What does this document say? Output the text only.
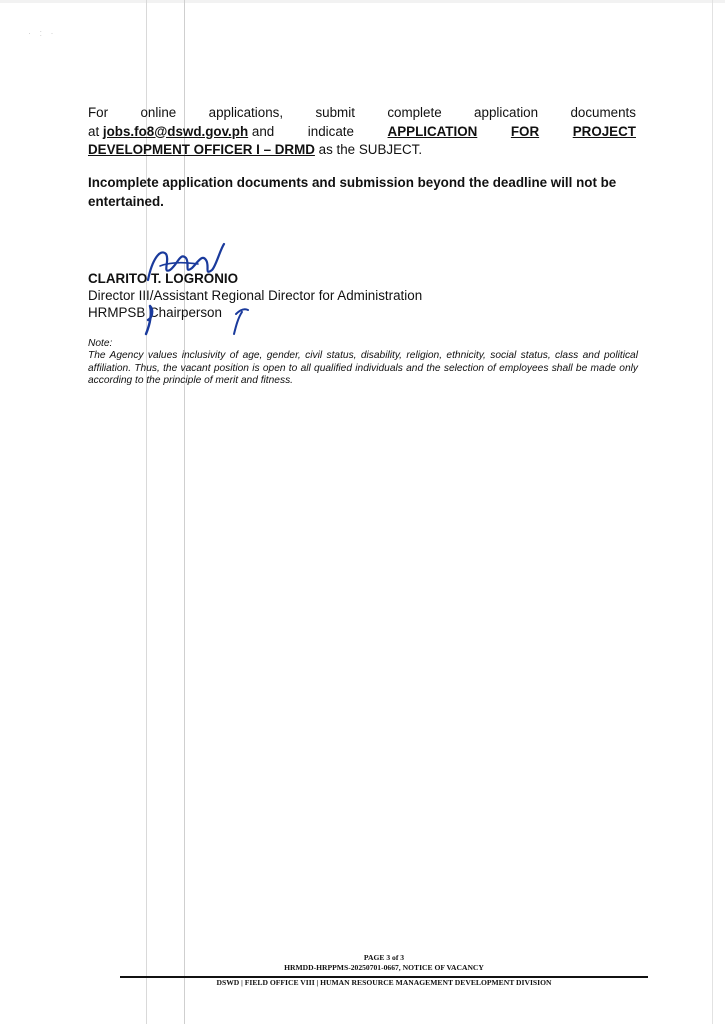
· : ·
For online applications, submit complete application documents
at jobs.fo8@dswd.gov.ph and	indicate	APPLICATION	FOR	PROJECT
DEVELOPMENT OFFICER I – DRMD as the SUBJECT.
Incomplete application documents and submission beyond the deadline will not be entertained.
CLARITO T. LOGRONIO
Director III/Assistant Regional Director for Administration
HRMPSB Chairperson
Note:
The Agency values inclusivity of age, gender, civil status, disability, religion, ethnicity, social status, class and political affiliation. Thus, the vacant position is open to all qualified individuals and the selection of employees shall be made only according to the principle of merit and fitness.
PAGE 3 of 3
HRMDD-HRPPMS-20250701-0667, NOTICE OF VACANCY
DSWD | FIELD OFFICE VIII | HUMAN RESOURCE MANAGEMENT DEVELOPMENT DIVISION
